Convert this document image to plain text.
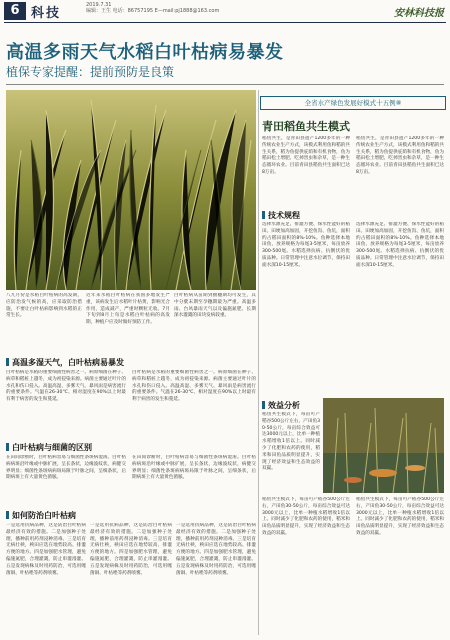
6 科技
2019.7.31
编辑：王生 电话：86757195 E—mail:pj1888@163.com	安林科技报
高温多雨天气水稻白叶枯病易暴发
植保专家提醒：提前预防是良策
八九月份是水稻白叶枯病的高发期，应防治发气候的高，应采取防治措施，不要让白叶枯病影响到水稻的正常生长。
近年来水稻白叶枯病在我国多地发生严重，该病发生后水稻叶片枯黄，影响光合作用，造成减产，严重时颗粒无收。7月下旬到8月上旬是水稻白叶枯病的高发期，种植户应及时做好预防工作。
白叶枯病从苗期到抽穗期均可发生，其中分蘖末期至孕穗期最为严重。高温多雨、台风暴雨天气以及偏施氮肥、长期深水灌溉的田块发病较重。
高温多湿天气，白叶枯病易暴发
白叶枯病是水稻的重要细菌性病害之一。病原细菌在种子、病草和稻桩上越冬，成为初侵染来源。病菌主要通过叶片的水孔和伤口侵入。高温高湿、多雾天气、暴风雨是病害流行的重要条件。气温在26-30℃、相对湿度在90%以上时最有利于病害的发生和蔓延。
白叶枯病是水稻的重要细菌性病害之一。病原细菌在种子、病草和稻桩上越冬，成为初侵染来源。病菌主要通过叶片的水孔和伤口侵入。高温高湿、多雾天气、暴风雨是病害流行的重要条件。气温在26-30℃、相对湿度在90%以上时最有利于病害的发生和蔓延。
白叶枯病与细菌的区别
在田间诊断时，白叶枯病容易与细菌性条斑病混淆。白叶枯病病斑沿叶缘或中脉扩展，呈长条状，边缘波纹状，病健交界明显；细菌性条斑病病斑局限于叶脉之间，呈细条状，后期病斑上有大量黄色菌脓。
在田间诊断时，白叶枯病容易与细菌性条斑病混淆。白叶枯病病斑沿叶缘或中脉扩展，呈长条状，边缘波纹状，病健交界明显；细菌性条斑病病斑局限于叶脉之间，呈细条状，后期病斑上有大量黄色菌脓。
如何防治白叶枯病
一是选用抗病品种，这是防治白叶枯病最经济有效的措施。二是加强种子处理，播种前用药剂浸种消毒。三是培育无病壮秧，秧田应选在地势较高、排灌方便的地方。四是加强肥水管理，避免偏施氮肥，合理灌溉，防止串灌漫灌。五是发现病株及时用药防治，可选用噻菌铜、叶枯唑等药剂喷雾。
一是选用抗病品种，这是防治白叶枯病最经济有效的措施。二是加强种子处理，播种前用药剂浸种消毒。三是培育无病壮秧，秧田应选在地势较高、排灌方便的地方。四是加强肥水管理，避免偏施氮肥，合理灌溉，防止串灌漫灌。五是发现病株及时用药防治，可选用噻菌铜、叶枯唑等药剂喷雾。
一是选用抗病品种，这是防治白叶枯病最经济有效的措施。二是加强种子处理，播种前用药剂浸种消毒。三是培育无病壮秧，秧田应选在地势较高、排灌方便的地方。四是加强肥水管理，避免偏施氮肥，合理灌溉，防止串灌漫灌。五是发现病株及时用药防治，可选用噻菌铜、叶枯唑等药剂喷雾。
全省水产绿色发展好模式十五例⑧
青田稻鱼共生模式
稻鱼共生，是青田县遗产1200多年的一种传统农业生产方式，该模式利用鱼和稻的共生关系，稻为鱼提供庇荫和有机食物，鱼为稻田松土增肥、吃掉害虫和杂草，是一种生态循环农业。目前青田县稻鱼共生面积已达8万亩。
稻鱼共生，是青田县遗产1200多年的一种传统农业生产方式，该模式利用鱼和稻的共生关系，稻为鱼提供庇荫和有机食物，鱼为稻田松土增肥、吃掉害虫和杂草，是一种生态循环农业。目前青田县稻鱼共生面积已达8万亩。
技术规程
选择水源充足、排灌方便、保水性能好的稻田。田埂加高加固，开挖鱼沟、鱼坑，面积约占稻田面积的8%-10%。鱼种选择本地田鱼，放养规格为每尾3-5厘米，每亩放养300-500尾。水稻选择抗病、抗倒伏的优质品种。日常管理中注意水位调节，保持田面水深10-15厘米。
选择水源充足、排灌方便、保水性能好的稻田。田埂加高加固，开挖鱼沟、鱼坑，面积约占稻田面积的8%-10%。鱼种选择本地田鱼，放养规格为每尾3-5厘米，每亩放养300-500尾。水稻选择抗病、抗倒伏的优质品种。日常管理中注意水位调节，保持田面水深10-15厘米。
效益分析
稻鱼共生模式下，每亩可产稻谷500公斤左右，产田鱼30-50公斤，每亩综合效益可达3000元以上，比单一种植水稻增收1倍以上。同时减少了化肥和农药的使用，稻米和田鱼品质明显提升，实现了经济效益和生态效益的双赢。
稻鱼共生模式下，每亩可产稻谷500公斤左右，产田鱼30-50公斤，每亩综合效益可达3000元以上，比单一种植水稻增收1倍以上。同时减少了化肥和农药的使用，稻米和田鱼品质明显提升，实现了经济效益和生态效益的双赢。
稻鱼共生模式下，每亩可产稻谷500公斤左右，产田鱼30-50公斤，每亩综合效益可达3000元以上，比单一种植水稻增收1倍以上。同时减少了化肥和农药的使用，稻米和田鱼品质明显提升，实现了经济效益和生态效益的双赢。
